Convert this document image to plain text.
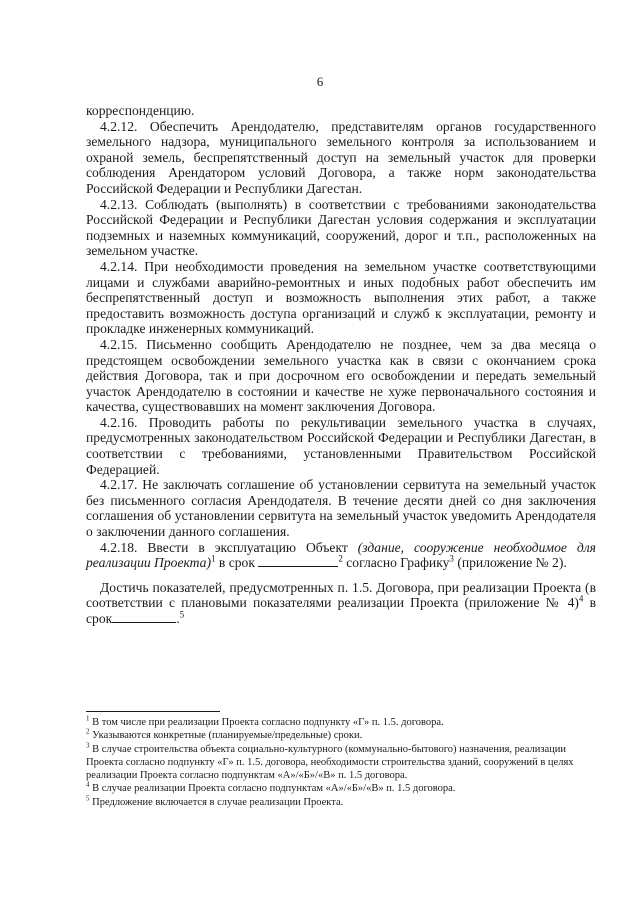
6

корреспонденцию.

4.2.12. Обеспечить Арендодателю, представителям органов государственного земельного надзора, муниципального земельного контроля за использованием и охраной земель, беспрепятственный доступ на земельный участок для проверки соблюдения Арендатором условий Договора, а также норм законодательства Российской Федерации и Республики Дагестан.

4.2.13. Соблюдать (выполнять) в соответствии с требованиями законодательства Российской Федерации и Республики Дагестан условия содержания и эксплуатации подземных и наземных коммуникаций, сооружений, дорог и т.п., расположенных на земельном участке.

4.2.14. При необходимости проведения на земельном участке соответствующими лицами и службами аварийно-ремонтных и иных подобных работ обеспечить им беспрепятственный доступ и возможность выполнения этих работ, а также предоставить возможность доступа организаций и служб к эксплуатации, ремонту и прокладке инженерных коммуникаций.

4.2.15. Письменно сообщить Арендодателю не позднее, чем за два месяца о предстоящем освобождении земельного участка как в связи с окончанием срока действия Договора, так и при досрочном его освобождении и передать земельный участок Арендодателю в состоянии и качестве не хуже первоначального состояния и качества, существовавших на момент заключения Договора.

4.2.16. Проводить работы по рекультивации земельного участка в случаях, предусмотренных законодательством Российской Федерации и Республики Дагестан, в соответствии с требованиями, установленными Правительством Российской Федерацией.

4.2.17. Не заключать соглашение об установлении сервитута на земельный участок без письменного согласия Арендодателя. В течение десяти дней со дня заключения соглашения об установлении сервитута на земельный участок уведомить Арендодателя о заключении данного соглашения.

4.2.18. Ввести в эксплуатацию Объект (здание, сооружение необходимое для реализации Проекта)$^1$ в срок	$^2$ согласно Графику$^3$ (приложение № 2).

Достичь показателей, предусмотренных п. 1.5. Договора, при реализации Проекта (в соответствии с плановыми показателями реализации Проекта (приложение № 4)$^4$ в срок	.$^5$

$^1$ В том числе при реализации Проекта согласно подпункту «Г» п. 1.5. договора.

$^2$ Указываются конкретные (планируемые/предельные) сроки.

$^3$ В случае строительства объекта социально-культурного (коммунально-бытового) назначения, реализации Проекта согласно подпункту «Г» п. 1.5. договора, необходимости строительства зданий, сооружений в целях реализации Проекта согласно подпунктам «А»/«Б»/«В» п. 1.5 договора.

$^4$ В случае реализации Проекта согласно подпунктам «А»/«Б»/«В» п. 1.5 договора.

$^5$ Предложение включается в случае реализации Проекта.
